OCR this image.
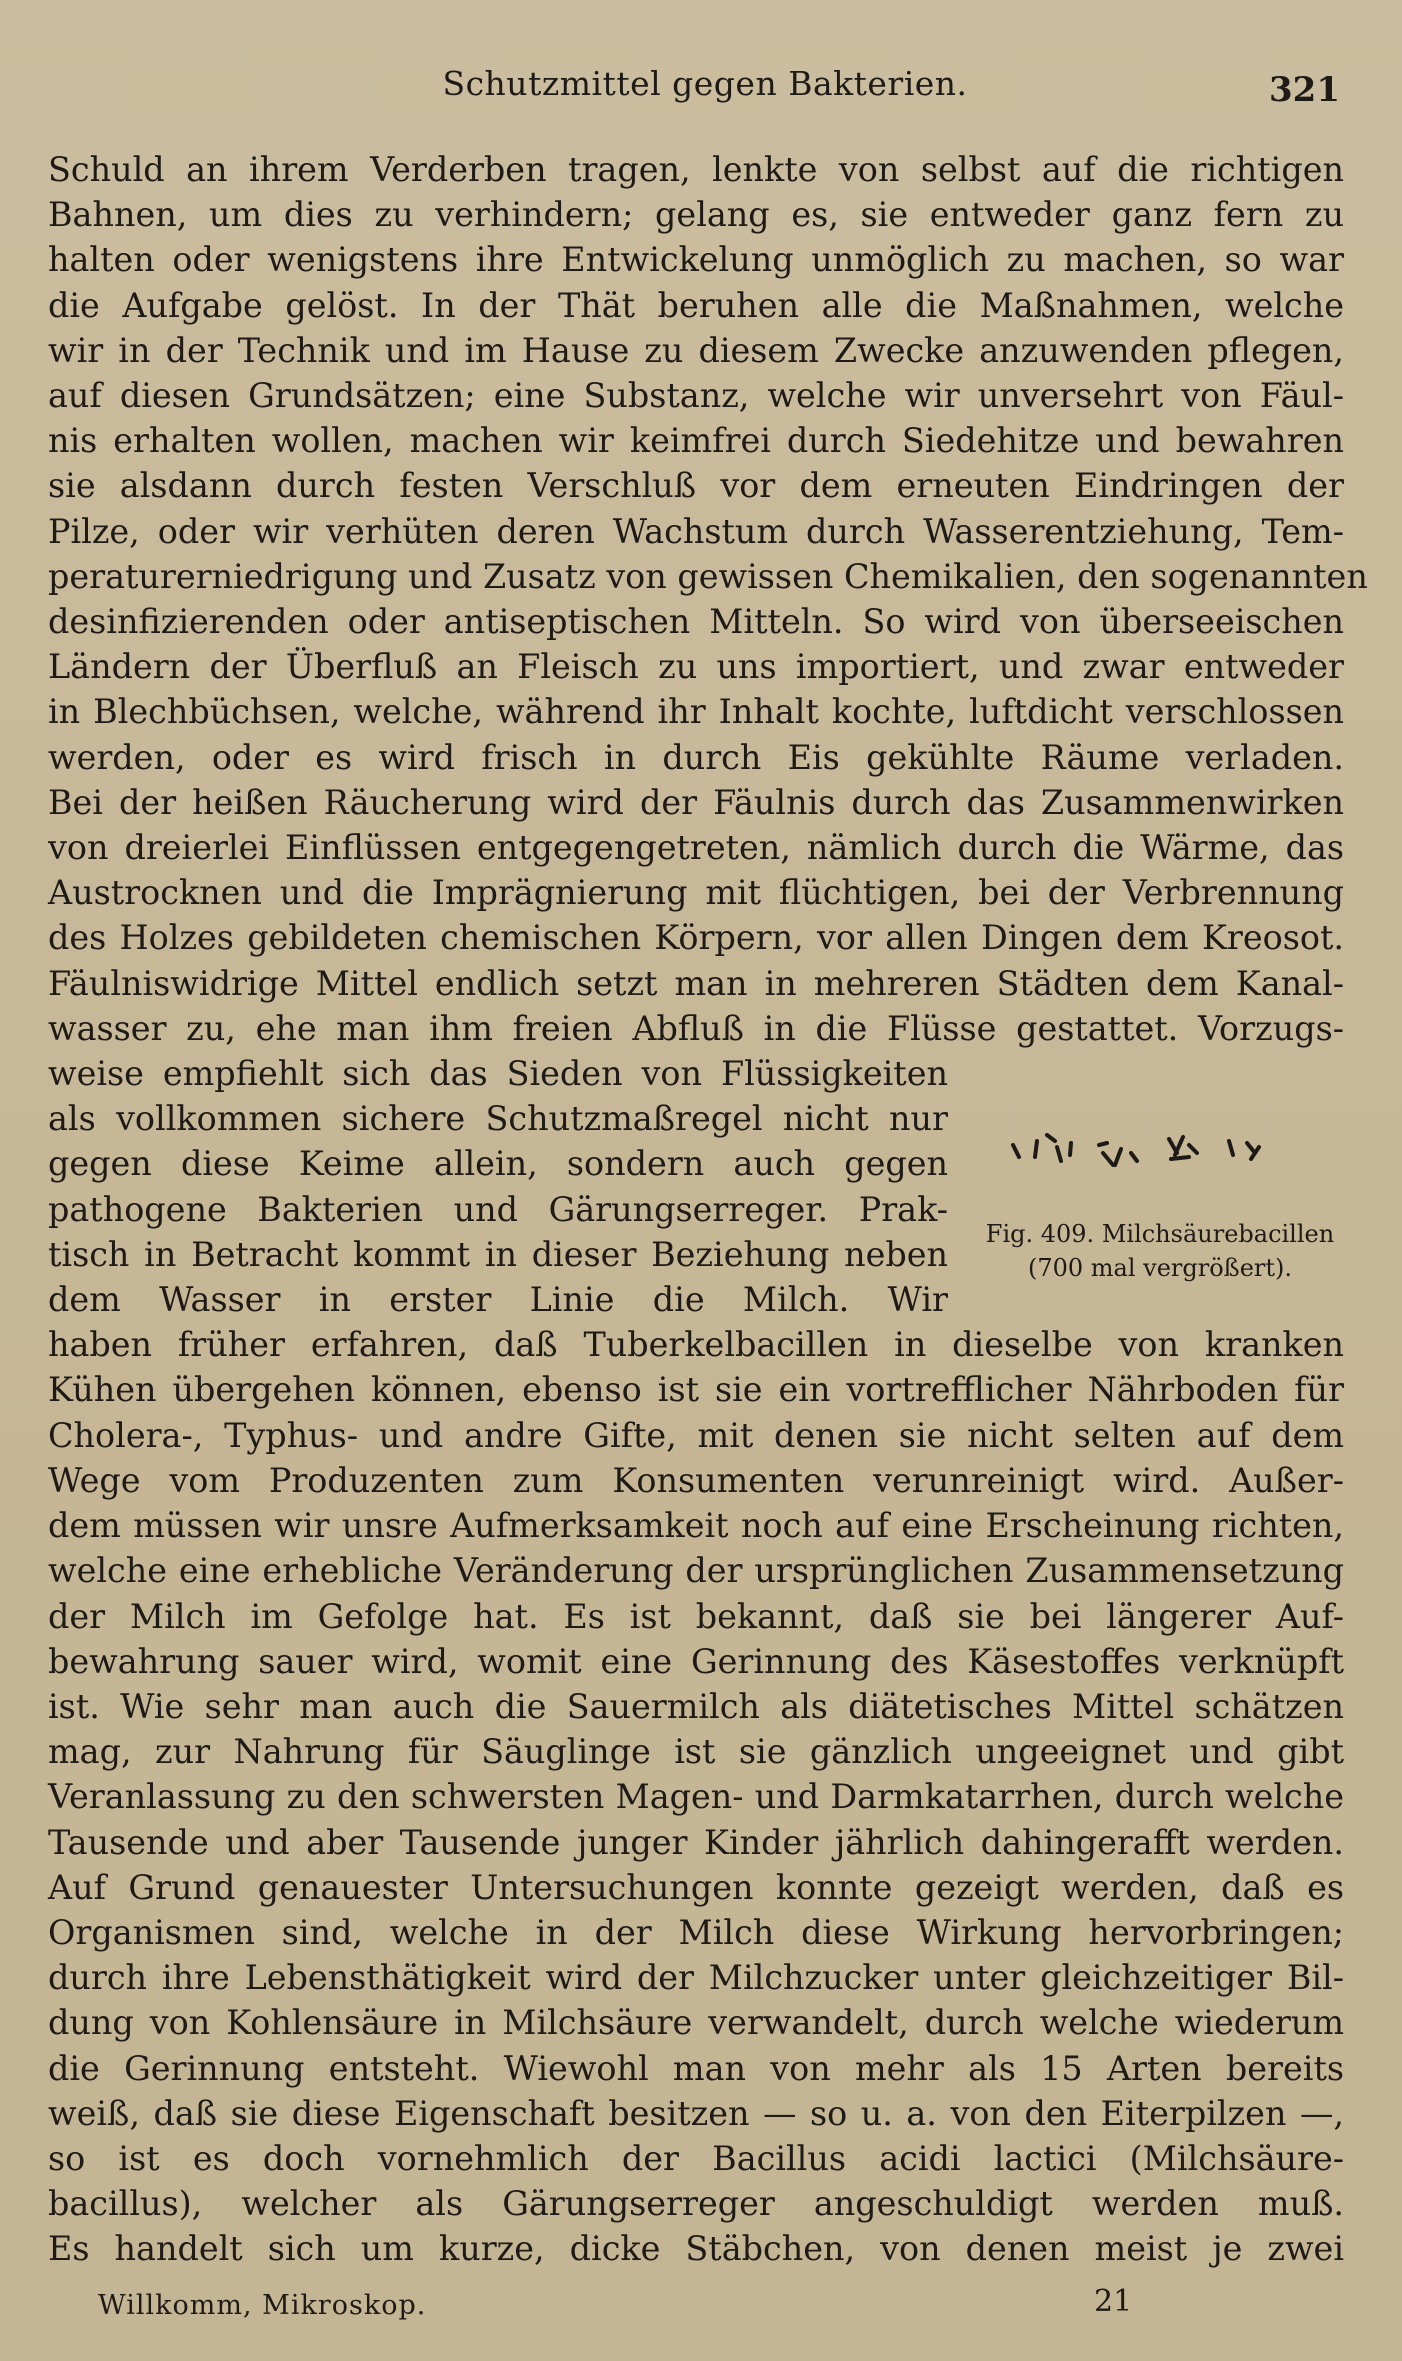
Schutzmittel gegen Bakterien.	321
Schuld an ihrem Verderben tragen, lenkte von selbst auf die richtigen
Bahnen, um dies zu verhindern; gelang es, sie entweder ganz fern zu
halten oder wenigstens ihre Entwickelung unmöglich zu machen, so war
die Aufgabe gelöst. In der Thät beruhen alle die Maßnahmen, welche
wir in der Technik und im Hause zu diesem Zwecke anzuwenden pflegen,
auf diesen Grundsätzen; eine Substanz, welche wir unversehrt von Fäul-
nis erhalten wollen, machen wir keimfrei durch Siedehitze und bewahren
sie alsdann durch festen Verschluß vor dem erneuten Eindringen der
Pilze, oder wir verhüten deren Wachstum durch Wasserentziehung, Tem-
peraturerniedrigung und Zusatz von gewissen Chemikalien, den sogenannten
desinfizierenden oder antiseptischen Mitteln. So wird von überseeischen
Ländern der Überfluß an Fleisch zu uns importiert, und zwar entweder
in Blechbüchsen, welche, während ihr Inhalt kochte, luftdicht verschlossen
werden, oder es wird frisch in durch Eis gekühlte Räume verladen.
Bei der heißen Räucherung wird der Fäulnis durch das Zusammenwirken
von dreierlei Einflüssen entgegengetreten, nämlich durch die Wärme, das
Austrocknen und die Imprägnierung mit flüchtigen, bei der Verbrennung
des Holzes gebildeten chemischen Körpern, vor allen Dingen dem Kreosot.
Fäulniswidrige Mittel endlich setzt man in mehreren Städten dem Kanal-
wasser zu, ehe man ihm freien Abfluß in die Flüsse gestattet. Vorzugs-
weise empfiehlt sich das Sieden von Flüssigkeiten
als vollkommen sichere Schutzmaßregel nicht nur
gegen diese Keime allein, sondern auch gegen
pathogene Bakterien und Gärungserreger. Prak-
tisch in Betracht kommt in dieser Beziehung neben
dem Wasser in erster Linie die Milch. Wir
haben früher erfahren, daß Tuberkelbacillen in dieselbe von kranken
Kühen übergehen können, ebenso ist sie ein vortrefflicher Nährboden für
Cholera-, Typhus- und andre Gifte, mit denen sie nicht selten auf dem
Wege vom Produzenten zum Konsumenten verunreinigt wird. Außer-
dem müssen wir unsre Aufmerksamkeit noch auf eine Erscheinung richten,
welche eine erhebliche Veränderung der ursprünglichen Zusammensetzung
der Milch im Gefolge hat. Es ist bekannt, daß sie bei längerer Auf-
bewahrung sauer wird, womit eine Gerinnung des Käsestoffes verknüpft
ist. Wie sehr man auch die Sauermilch als diätetisches Mittel schätzen
mag, zur Nahrung für Säuglinge ist sie gänzlich ungeeignet und gibt
Veranlassung zu den schwersten Magen- und Darmkatarrhen, durch welche
Tausende und aber Tausende junger Kinder jährlich dahingerafft werden.
Auf Grund genauester Untersuchungen konnte gezeigt werden, daß es
Organismen sind, welche in der Milch diese Wirkung hervorbringen;
durch ihre Lebensthätigkeit wird der Milchzucker unter gleichzeitiger Bil-
dung von Kohlensäure in Milchsäure verwandelt, durch welche wiederum
die Gerinnung entsteht. Wiewohl man von mehr als 15 Arten bereits
weiß, daß sie diese Eigenschaft besitzen — so u. a. von den Eiterpilzen —,
so ist es doch vornehmlich der Bacillus acidi lactici (Milchsäure-
bacillus), welcher als Gärungserreger angeschuldigt werden muß.
Es handelt sich um kurze, dicke Stäbchen, von denen meist je zwei
Fig. 409. Milchsäurebacillen
(700 mal vergrößert).
Willkomm, Mikroskop.	21
